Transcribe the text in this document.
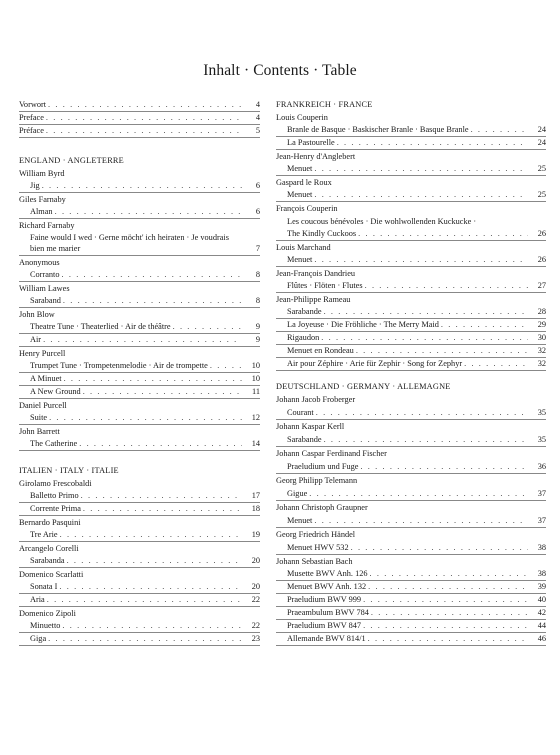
Inhalt · Contents · Table
Vorwort . . .	4
Preface . . .	4
Préface . . .	5
ENGLAND · ANGLETERRE
William Byrd
Jig . . .	6
Giles Farnaby
Alman . . .	6
Richard Farnaby
Faine would I wed · Gerne möcht' ich heiraten · Je voudrais bien me marier	7
Anonymous
Corranto . . .	8
William Lawes
Saraband . . .	8
John Blow
Theatre Tune · Theaterlied · Air de théâtre . . .	9
Air . . .	9
Henry Purcell
Trumpet Tune · Trompetenmelodie · Air de trompette . . .	10
A Minuet . . .	10
A New Ground . . .	11
Daniel Purcell
Suite . . .	12
John Barrett
The Catherine . . .	14
ITALIEN · ITALY · ITALIE
Girolamo Frescobaldi
Balletto Primo . . .	17
Corrente Prima . . .	18
Bernardo Pasquini
Tre Arie . . .	19
Arcangelo Corelli
Sarabanda . . .	20
Domenico Scarlatti
Sonata I . . .	20
Aria . . .	22
Domenico Zipoli
Minuetto . . .	22
Giga . . .	23
FRANKREICH · FRANCE
Louis Couperin
Branle de Basque · Baskischer Branle · Basque Branle . . .	24
La Pastourelle . . .	24
Jean-Henry d'Anglebert
Menuet . . .	25
Gaspard le Roux
Menuet . . .	25
François Couperin
Les coucous bénévoles · Die wohlwollenden Kuckucke ·
The Kindly Cuckoos . . .	26
Louis Marchand
Menuet . . .	26
Jean-François Dandrieu
Flûtes · Flöten · Flutes . . .	27
Jean-Philippe Rameau
Sarabande . . .	28
La Joyeuse · Die Fröhliche · The Merry Maid . . .	29
Rigaudon . . .	30
Menuet en Rondeau . . .	32
Air pour Zéphire · Arie für Zephir · Song for Zephyr . . .	32
DEUTSCHLAND · GERMANY · ALLEMAGNE
Johann Jacob Froberger
Courant . . .	35
Johann Kaspar Kerll
Sarabande . . .	35
Johann Caspar Ferdinand Fischer
Praeludium und Fuge . . .	36
Georg Philipp Telemann
Gigue . . .	37
Johann Christoph Graupner
Menuet . . .	37
Georg Friedrich Händel
Menuet HWV 532 . . .	38
Johann Sebastian Bach
Musette BWV Anh. 126 . . .	38
Menuet BWV Anh. 132 . . .	39
Praeludium BWV 999 . . .	40
Praeambulum BWV 784 . . .	42
Praeludium BWV 847 . . .	44
Allemande BWV 814/1 . . .	46
